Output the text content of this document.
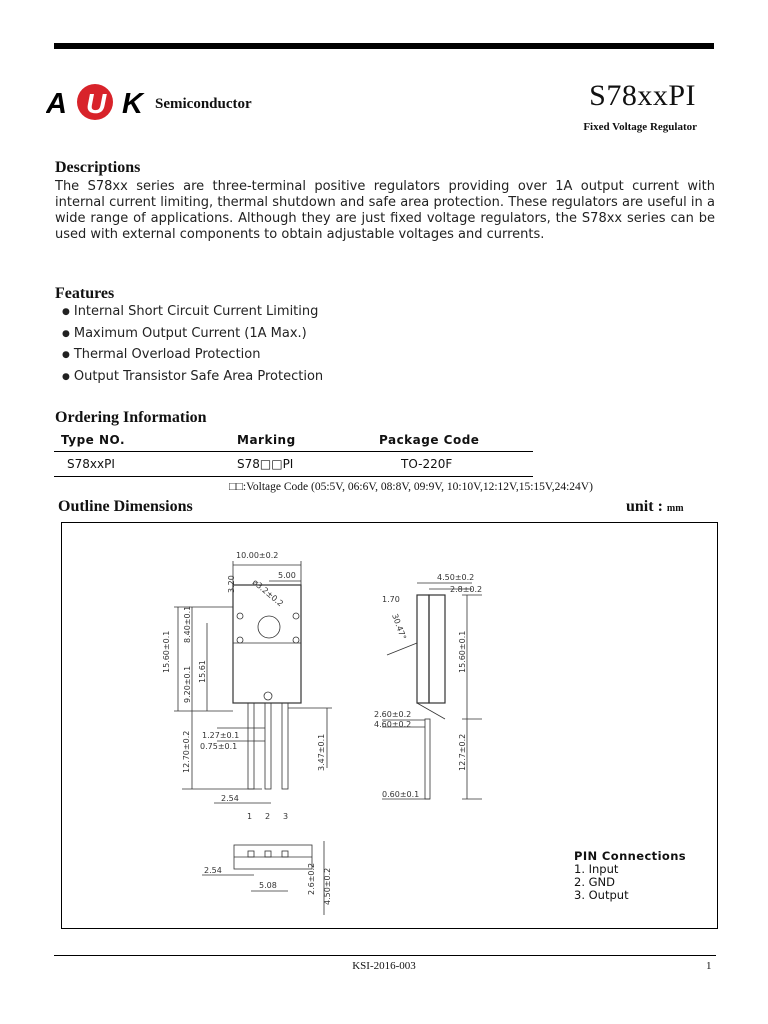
A U K Semiconductor	S78xxPI
Fixed Voltage Regulator
Descriptions
The S78xx series are three-terminal positive regulators providing over 1A output current with internal current limiting, thermal shutdown and safe area protection. These regulators are useful in a wide range of applications. Although they are just fixed voltage regulators, the S78xx series can be used with external components to obtain adjustable voltages and currents.
Features
● Internal Short Circuit Current Limiting
● Maximum Output Current (1A Max.)
● Thermal Overload Protection
● Output Transistor Safe Area Protection
Ordering Information
Type NO.	Marking	Package Code
S78xxPI	S78□□PI	TO-220F
□□:Voltage Code (05:5V, 06:6V, 08:8V, 09:9V, 10:10V,12:12V,15:15V,24:24V)
Outline Dimensions	unit : mm
10.00±0.2
5.00
3.20 ø3.2±0.2
15.60±0.1
8.40±0.1
9.20±0.1 15.61
1.27±0.1
0.75±0.1
12.70±0.2	3.47±0.1
2.54
1 2 3
4.50±0.2
2.8±0.2
1.70
30.47°
15.60±0.1
2.60±0.2
4.60±0.2
12.7±0.2
0.60±0.1
2.54
5.08	2.6±0.2 4.50±0.2
PIN Connections
1. Input
2. GND
3. Output
KSI-2016-003	1
